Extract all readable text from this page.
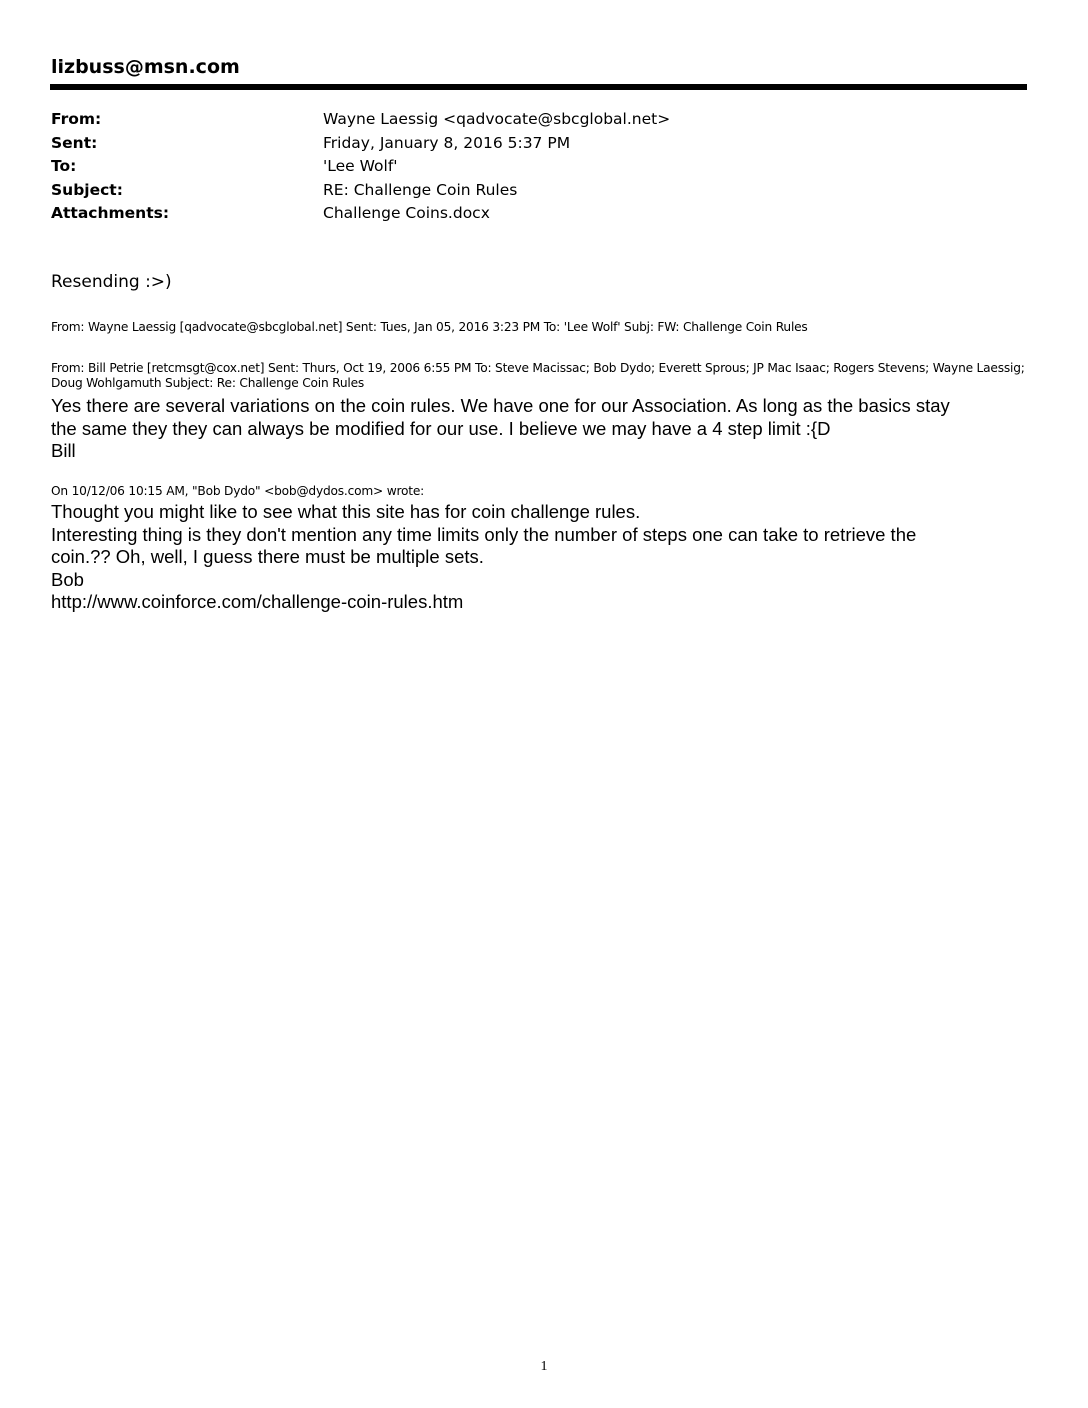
lizbuss@msn.com
From:	Wayne Laessig <qadvocate@sbcglobal.net>
Sent:	Friday, January 8, 2016 5:37 PM
To:	'Lee Wolf'
Subject:	RE: Challenge Coin Rules
Attachments:	Challenge Coins.docx
Resending :>)
From: Wayne Laessig [qadvocate@sbcglobal.net] Sent: Tues, Jan 05, 2016 3:23 PM To: 'Lee Wolf' Subj: FW: Challenge Coin Rules
From: Bill Petrie [retcmsgt@cox.net] Sent: Thurs, Oct 19, 2006 6:55 PM To: Steve Macissac; Bob Dydo; Everett Sprous; JP Mac Isaac; Rogers Stevens; Wayne Laessig; Doug Wohlgamuth Subject: Re: Challenge Coin Rules
Yes there are several variations on the coin rules. We have one for our Association. As long as the basics stay
the same they they can always be modified for our use. I believe we may have a 4 step limit :{D
Bill
On 10/12/06 10:15 AM, "Bob Dydo" <bob@dydos.com> wrote:
Thought you might like to see what this site has for coin challenge rules.
Interesting thing is they don't mention any time limits only the number of steps one can take to retrieve the
coin.?? Oh, well, I guess there must be multiple sets.
Bob
http://www.coinforce.com/challenge-coin-rules.htm
1
